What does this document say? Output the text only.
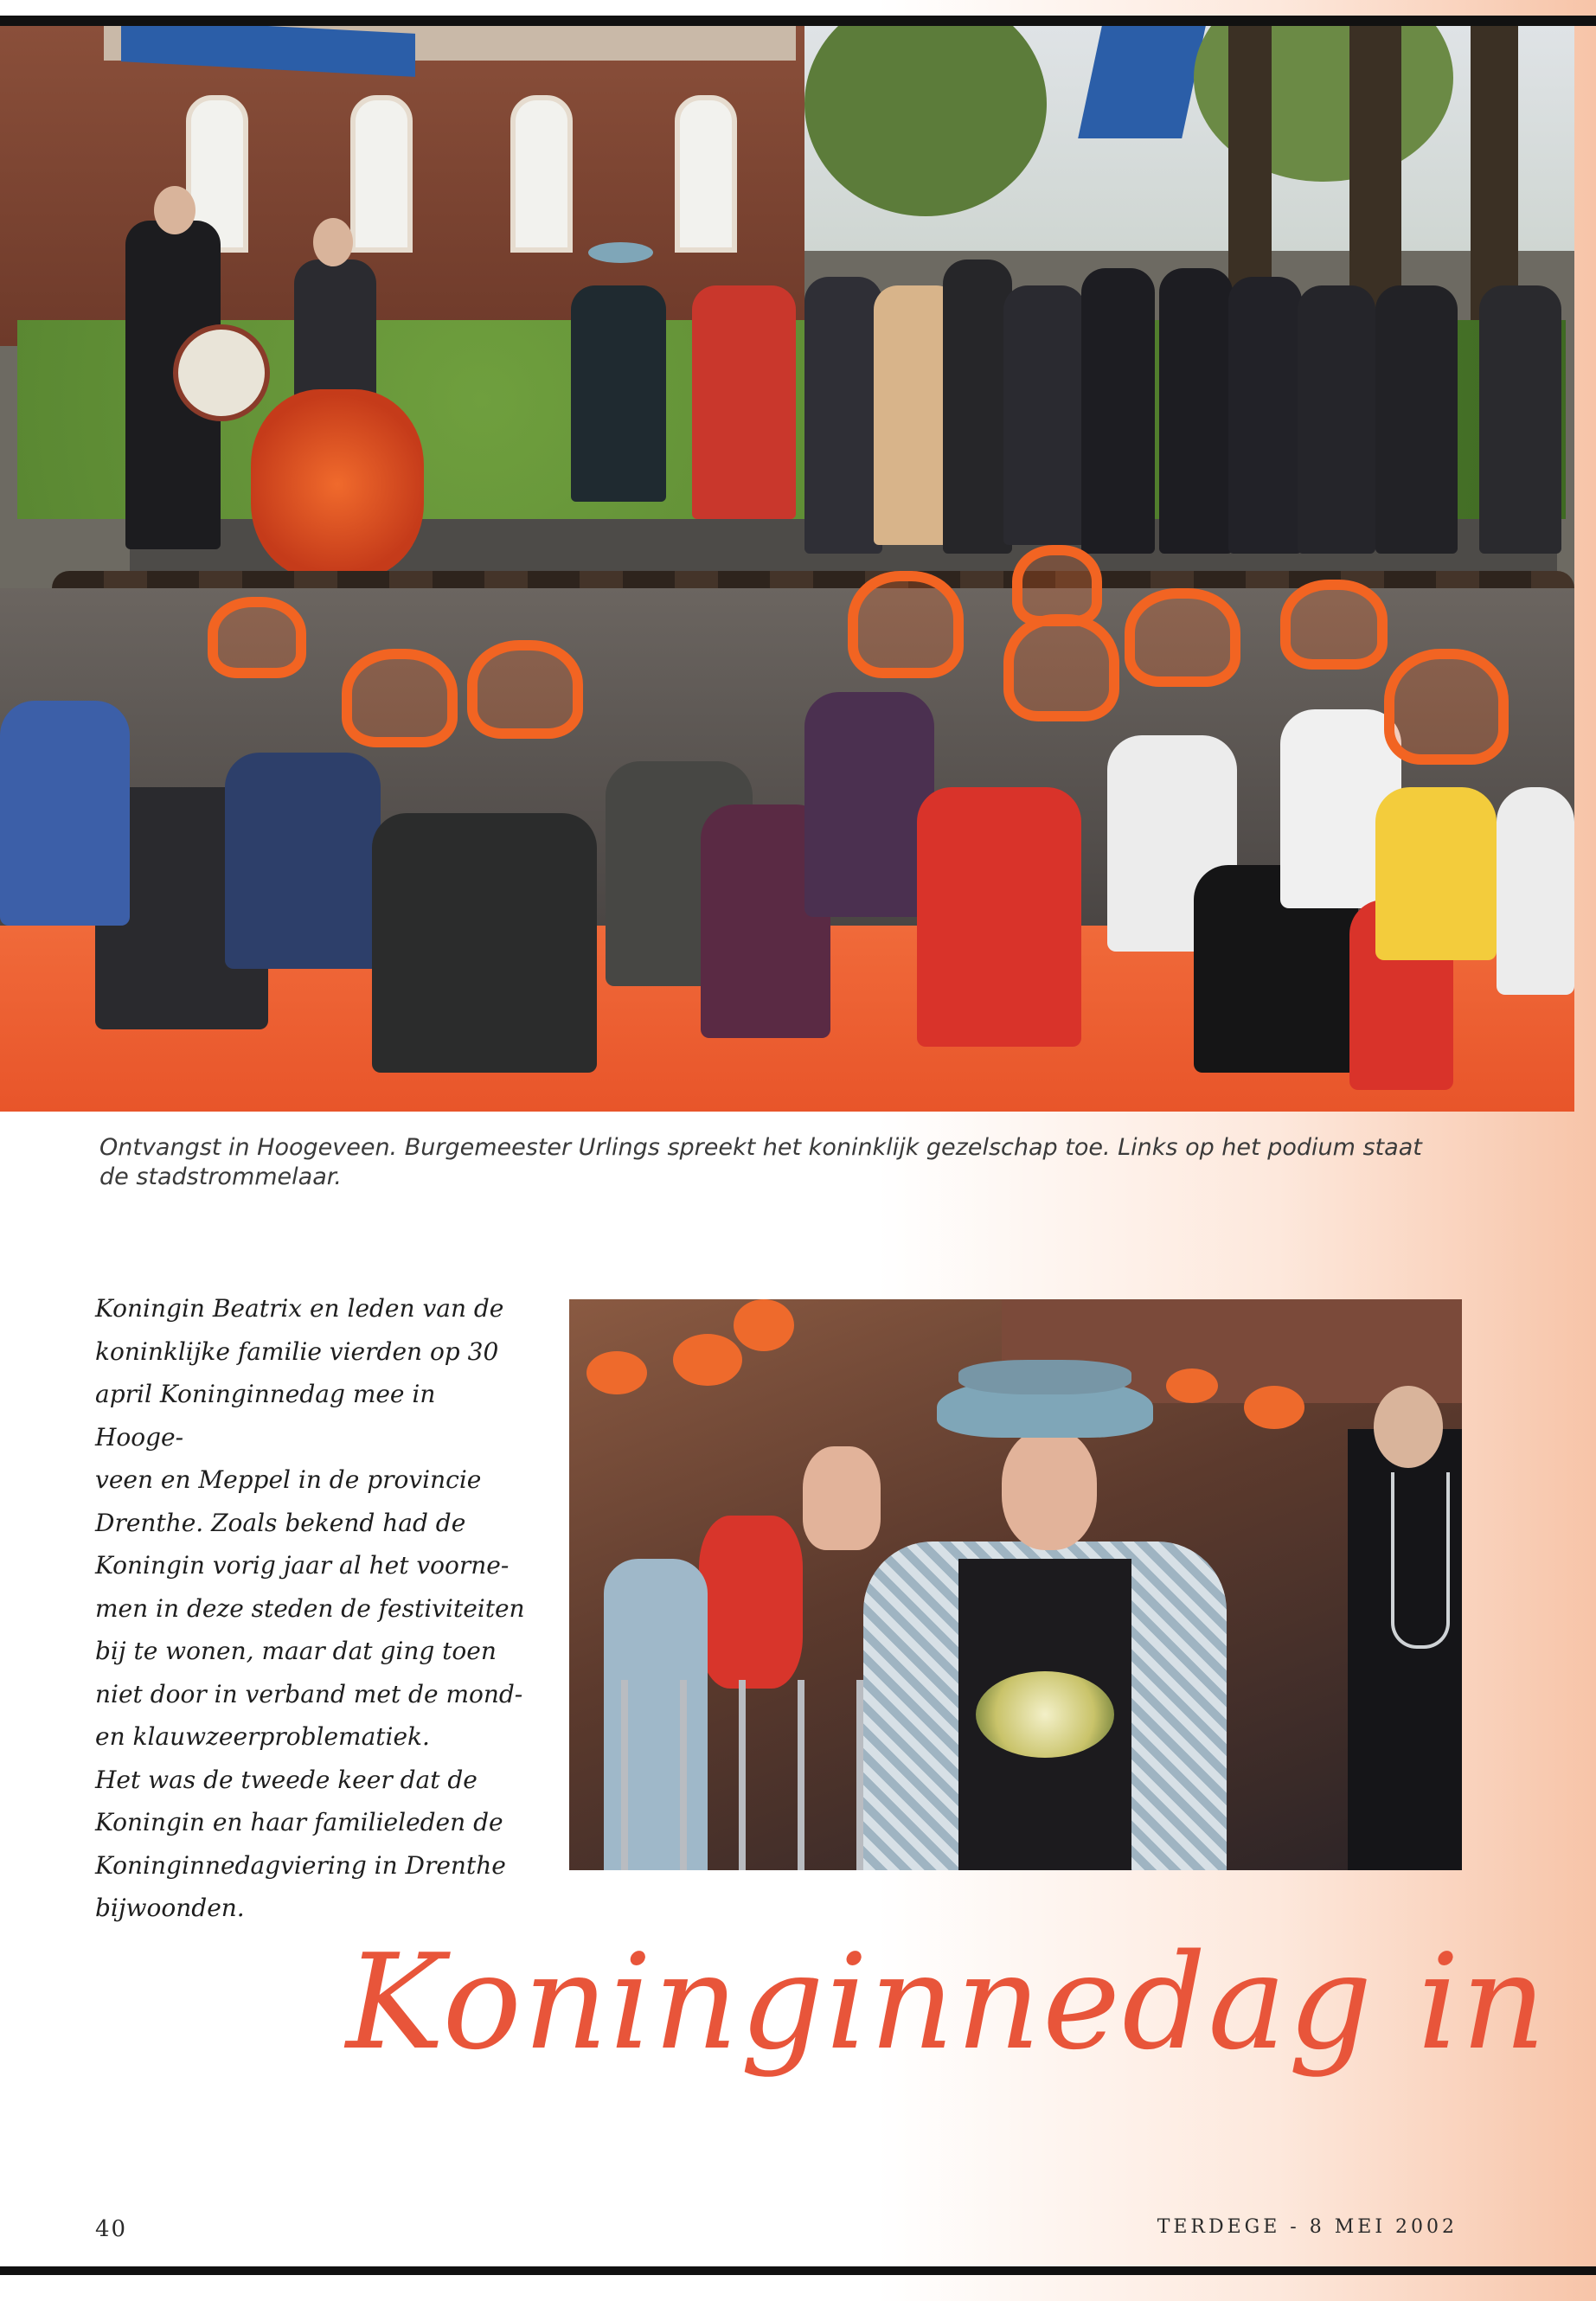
Ontvangst in Hoogeveen. Burgemeester Urlings spreekt het koninklijk gezelschap toe. Links op het podium staat de stadstrommelaar.

Koningin Beatrix en leden van de

koninklijke familie vierden op 30

april Koninginnedag mee in Hooge-

veen en Meppel in de provincie

Drenthe. Zoals bekend had de

Koningin vorig jaar al het voorne-

men in deze steden de festiviteiten

bij te wonen, maar dat ging toen

niet door in verband met de mond-

en klauwzeerproblematiek.

Het was de tweede keer dat de

Koningin en haar familieleden de

Koninginnedagviering in Drenthe

bijwoonden.

Koninginnedag in
40	TERDEGE - 8 MEI 2002
